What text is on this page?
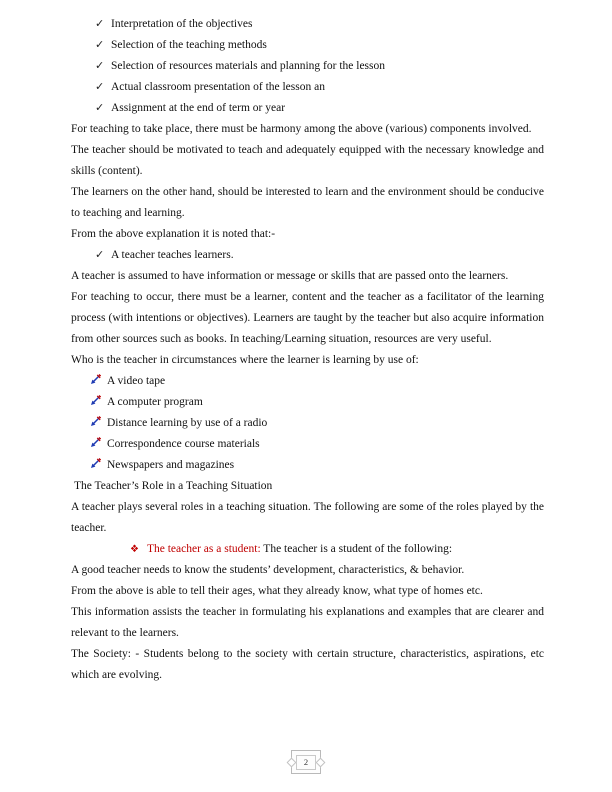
✓ Interpretation of the objectives
✓ Selection of the teaching methods
✓ Selection of resources materials and planning for the lesson
✓ Actual classroom presentation of the lesson an
✓ Assignment at the end of term or year

For teaching to take place, there must be harmony among the above (various) components involved.

The teacher should be motivated to teach and adequately equipped with the necessary knowledge and skills (content).

The learners on the other hand, should be interested to learn and the environment should be conducive to teaching and learning.

From the above explanation it is noted that:-

✓ A teacher teaches learners.

A teacher is assumed to have information or message or skills that are passed onto the learners.

For teaching to occur, there must be a learner, content and the teacher as a facilitator of the learning process (with intentions or objectives). Learners are taught by the teacher but also acquire information from other sources such as books. In teaching/Learning situation, resources are very useful.

Who is the teacher in circumstances where the learner is learning by use of:

A video tape
A computer program
Distance learning by use of a radio
Correspondence course materials
Newspapers and magazines

The Teacher’s Role in a Teaching Situation

A teacher plays several roles in a teaching situation. The following are some of the roles played by the teacher.

❖ The teacher as a student: The teacher is a student of the following:

A good teacher needs to know the students’ development, characteristics, & behavior.

From the above is able to tell their ages, what they already know, what type of homes etc.

This information assists the teacher in formulating his explanations and examples that are clearer and relevant to the learners.

The Society: - Students belong to the society with certain structure, characteristics, aspirations, etc which are evolving.

2
